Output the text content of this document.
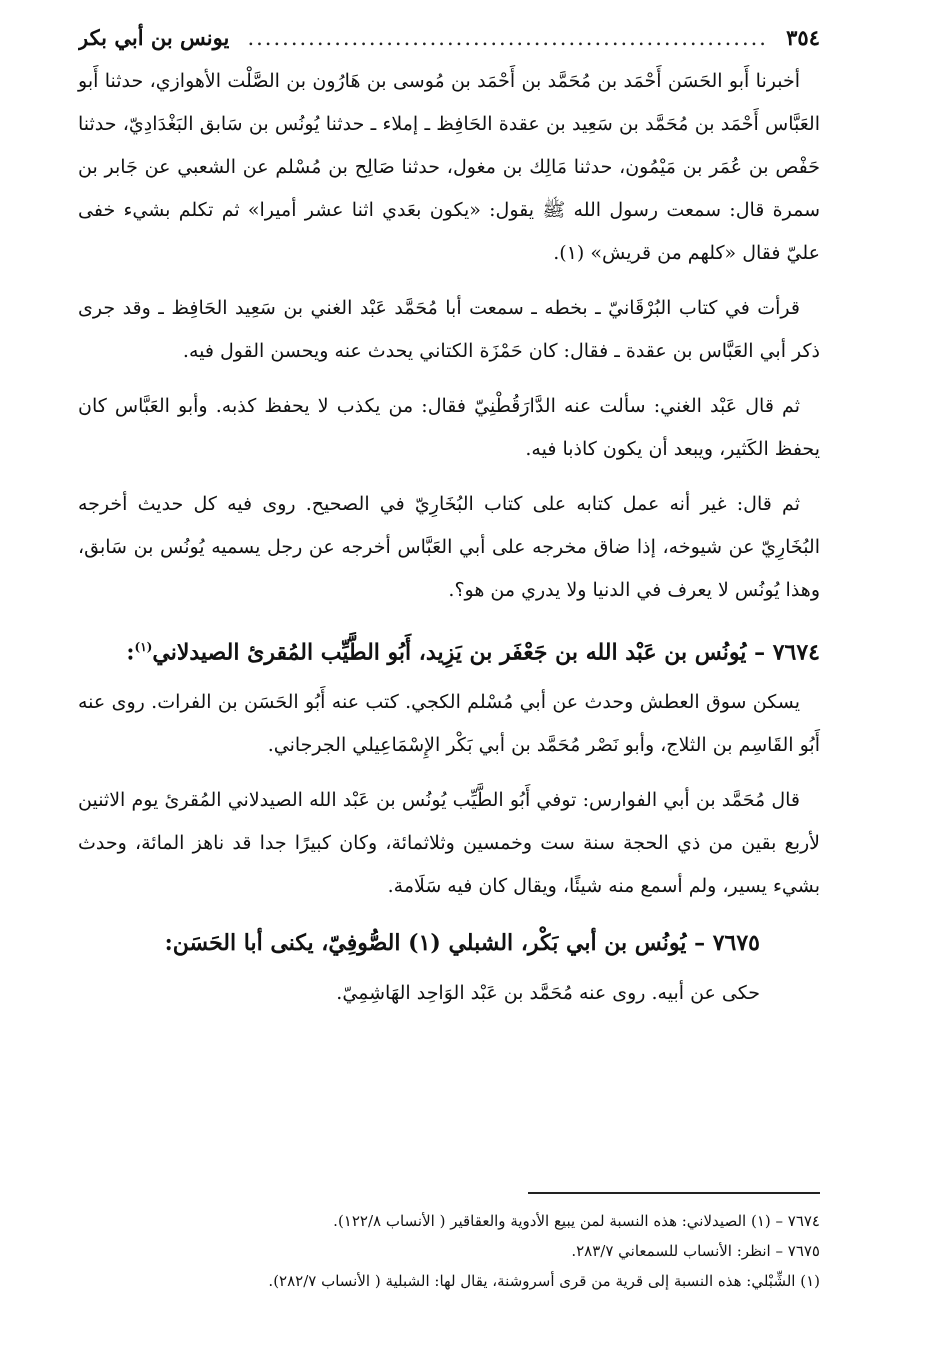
٣٥٤
............................................................
يونس بن أبي بكر

أخبرنا أَبو الحَسَن أَحْمَد بن مُحَمَّد بن أَحْمَد بن مُوسى بن هَارُون بن الصَّلْت الأهوازي، حدثنا أَبو العَبَّاس أَحْمَد بن مُحَمَّد بن سَعِيد بن عقدة الحَافِظ ـ إملاء ـ حدثنا يُونُس بن سَابق البَغْدَادِيّ، حدثنا حَفْص بن عُمَر بن مَيْمُون، حدثنا مَالِك بن مغول، حدثنا صَالِح بن مُسْلم عن الشعبي عن جَابر بن سمرة قال: سمعت رسول الله ﷺ يقول: «يكون بعَدي اثنا عشر أميرا» ثم تكلم بشيء خفى عليّ فقال «كلهم من قريش» (١).

قرأت في كتاب البُرْقَانيّ ـ بخطه ـ سمعت أبا مُحَمَّد عَبْد الغني بن سَعِيد الحَافِظ ـ وقد جرى ذكر أبي العَبَّاس بن عقدة ـ فقال: كان حَمْزَة الكتاني يحدث عنه ويحسن القول فيه.

ثم قال عَبْد الغني: سألت عنه الدَّارَقُطْنِيّ فقال: من يكذب لا يحفظ كذبه. وأبو العَبَّاس كان يحفظ الكَثير، ويبعد أن يكون كاذبا فيه.

ثم قال: غير أنه عمل كتابه على كتاب البُخَارِيّ في الصحيح. روى فيه كل حديث أخرجه البُخَارِيّ عن شيوخه، إذا ضاق مخرجه على أبي العَبَّاس أخرجه عن رجل يسميه يُونُس بن سَابق، وهذا يُونُس لا يعرف في الدنيا ولا يدري من هو؟.

٧٦٧٤ – يُونُس بن عَبْد الله بن جَعْفَر بن يَزِيد، أَبُو الطَّيِّب المُقرئ الصيدلاني$^{(١)}$:

يسكن سوق العطش وحدث عن أبي مُسْلم الكجي. كتب عنه أَبُو الحَسَن بن الفرات. روى عنه أَبُو القَاسِم بن الثلاج، وأبو نَصْر مُحَمَّد بن أبي بَكْر الإِسْمَاعِيلي الجرجاني.

قال مُحَمَّد بن أبي الفوارس: توفي أَبُو الطَّيِّب يُونُس بن عَبْد الله الصيدلاني المُقرئ يوم الاثنين لأربع بقين من ذي الحجة سنة ست وخمسين وثلاثمائة، وكان كبيرًا جدا قد ناهز المائة، وحدث بشيء يسير، ولم أسمع منه شيئًا، ويقال كان فيه سَلَامة.

٧٦٧٥ – يُونُس بن أبي بَكْر، الشبلي (١) الصُّوفِيّ، يكنى أبا الحَسَن:

حكى عن أبيه. روى عنه مُحَمَّد بن عَبْد الوَاحِد الهَاشِمِيّ.

٧٦٧٤ – (١) الصيدلاني: هذه النسبة لمن يبيع الأدوية والعقاقير ( الأنساب ١٢٢/٨).
٧٦٧٥ – انظر: الأنساب للسمعاني ٢٨٣/٧.
(١) الشِّبْلي: هذه النسبة إلى قرية من قرى أسروشنة، يقال لها: الشبلية ( الأنساب ٢٨٢/٧).
